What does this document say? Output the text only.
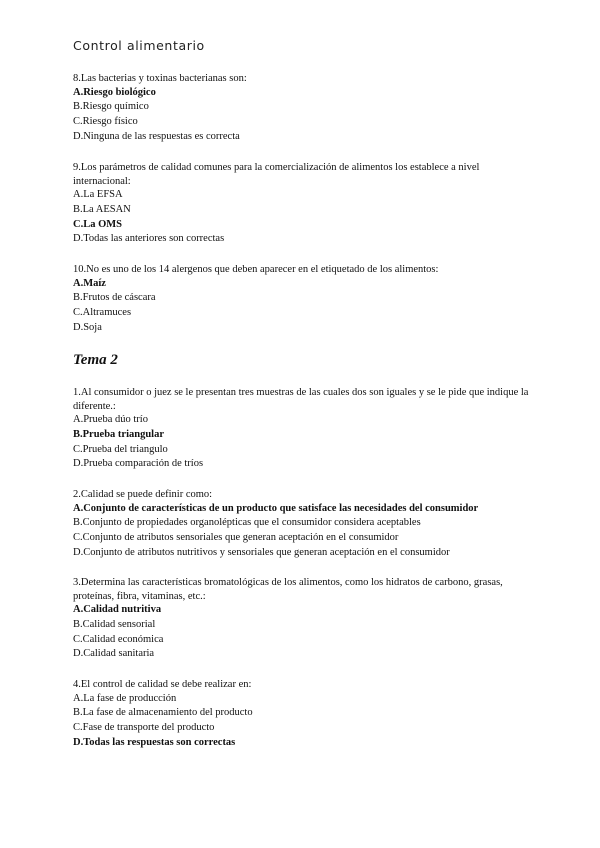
Control alimentario

8.Las bacterias y toxinas bacterianas son:

A.Riesgo biológico

B.Riesgo químico

C.Riesgo físico

D.Ninguna de las respuestas es correcta

9.Los parámetros de calidad comunes para la comercialización de alimentos los establece a nivel internacional:

A.La EFSA

B.La AESAN

C.La OMS

D.Todas las anteriores son correctas

10.No es uno de los 14 alergenos que deben aparecer en el etiquetado de los alimentos:

A.Maíz

B.Frutos de cáscara

C.Altramuces

D.Soja

Tema 2

1.Al consumidor o juez se le presentan tres muestras de las cuales dos son iguales y se le pide que indique la diferente.:

A.Prueba dúo trío

B.Prueba triangular

C.Prueba del triangulo

D.Prueba comparación de tríos

2.Calidad se puede definir como:

A.Conjunto de características de un producto que satisface las necesidades del consumidor

B.Conjunto de propiedades organolépticas que el consumidor considera aceptables

C.Conjunto de atributos sensoriales que generan aceptación en el consumidor

D.Conjunto de atributos nutritivos y sensoriales que generan aceptación en el consumidor

3.Determina las características bromatológicas de los alimentos, como los hidratos de carbono, grasas, proteínas, fibra, vitaminas, etc.:

A.Calidad nutritiva

B.Calidad sensorial

C.Calidad económica

D.Calidad sanitaria

4.El control de calidad se debe realizar en:

A.La fase de producción

B.La fase de almacenamiento del producto

C.Fase de transporte del producto

D.Todas las respuestas son correctas
